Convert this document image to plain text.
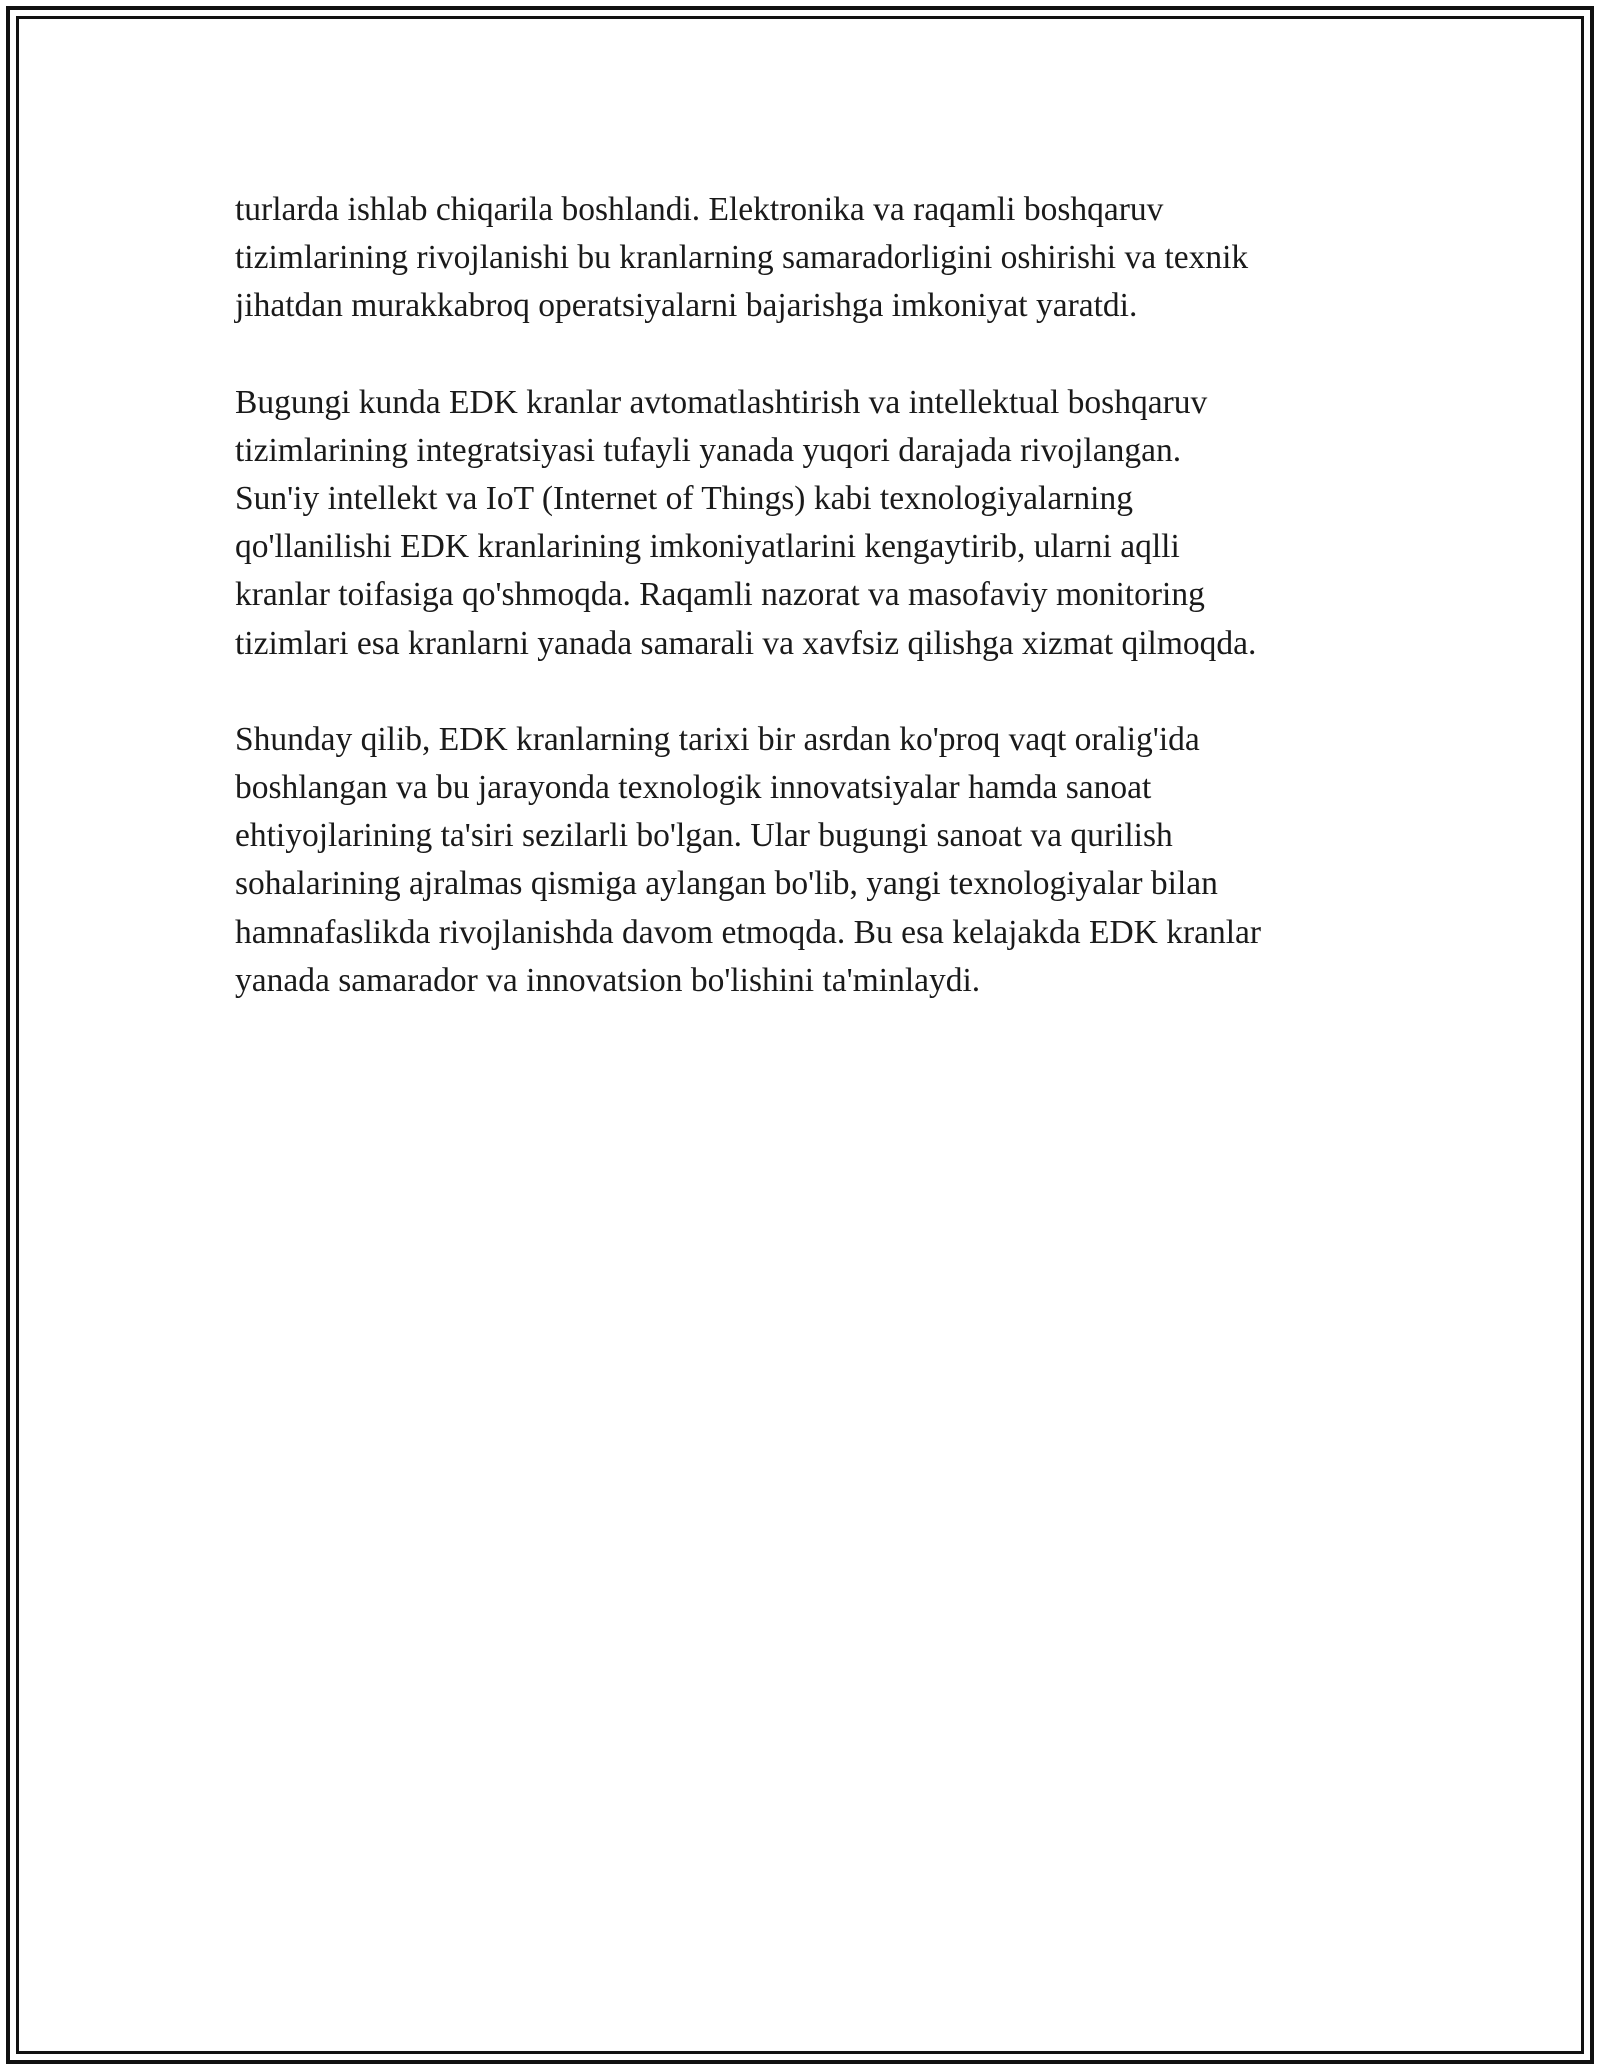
turlarda ishlab chiqarila boshlandi. Elektronika va raqamli boshqaruv
tizimlarining rivojlanishi bu kranlarning samaradorligini oshirishi va texnik
jihatdan murakkabroq operatsiyalarni bajarishga imkoniyat yaratdi.

Bugungi kunda EDK kranlar avtomatlashtirish va intellektual boshqaruv
tizimlarining integratsiyasi tufayli yanada yuqori darajada rivojlangan.
Sun'iy intellekt va IoT (Internet of Things) kabi texnologiyalarning
qo'llanilishi EDK kranlarining imkoniyatlarini kengaytirib, ularni aqlli
kranlar toifasiga qo'shmoqda. Raqamli nazorat va masofaviy monitoring
tizimlari esa kranlarni yanada samarali va xavfsiz qilishga xizmat qilmoqda.

Shunday qilib, EDK kranlarning tarixi bir asrdan ko'proq vaqt oralig'ida
boshlangan va bu jarayonda texnologik innovatsiyalar hamda sanoat
ehtiyojlarining ta'siri sezilarli bo'lgan. Ular bugungi sanoat va qurilish
sohalarining ajralmas qismiga aylangan bo'lib, yangi texnologiyalar bilan
hamnafaslikda rivojlanishda davom etmoqda. Bu esa kelajakda EDK kranlar
yanada samarador va innovatsion bo'lishini ta'minlaydi.
